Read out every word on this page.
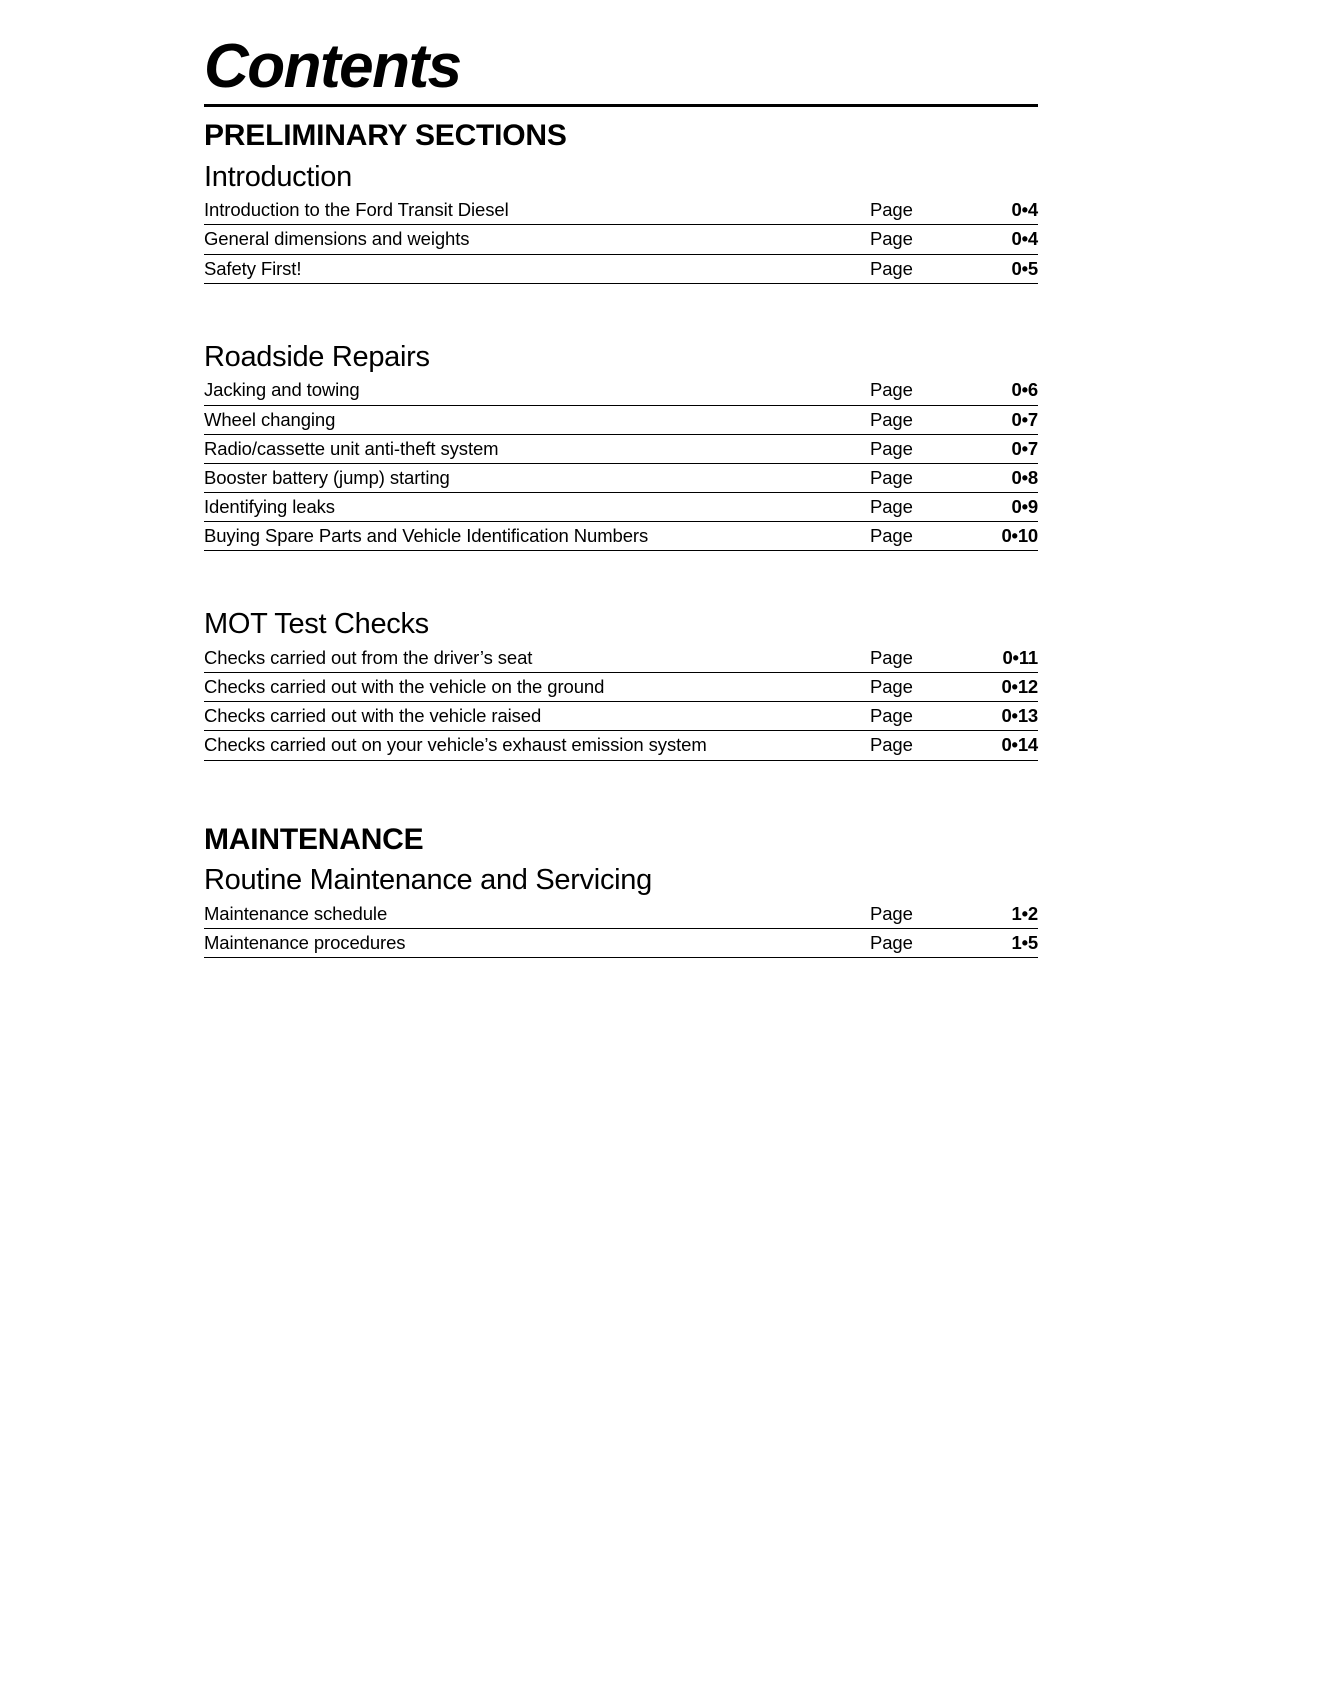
Contents
PRELIMINARY SECTIONS
Introduction
Introduction to the Ford Transit Diesel	Page	0•4
General dimensions and weights	Page	0•4
Safety First!	Page	0•5
Roadside Repairs
Jacking and towing	Page	0•6
Wheel changing	Page	0•7
Radio/cassette unit anti-theft system	Page	0•7
Booster battery (jump) starting	Page	0•8
Identifying leaks	Page	0•9
Buying Spare Parts and Vehicle Identification Numbers	Page	0•10
MOT Test Checks
Checks carried out from the driver’s seat	Page	0•11
Checks carried out with the vehicle on the ground	Page	0•12
Checks carried out with the vehicle raised	Page	0•13
Checks carried out on your vehicle’s exhaust emission system	Page	0•14
MAINTENANCE
Routine Maintenance and Servicing
Maintenance schedule	Page	1•2
Maintenance procedures	Page	1•5
